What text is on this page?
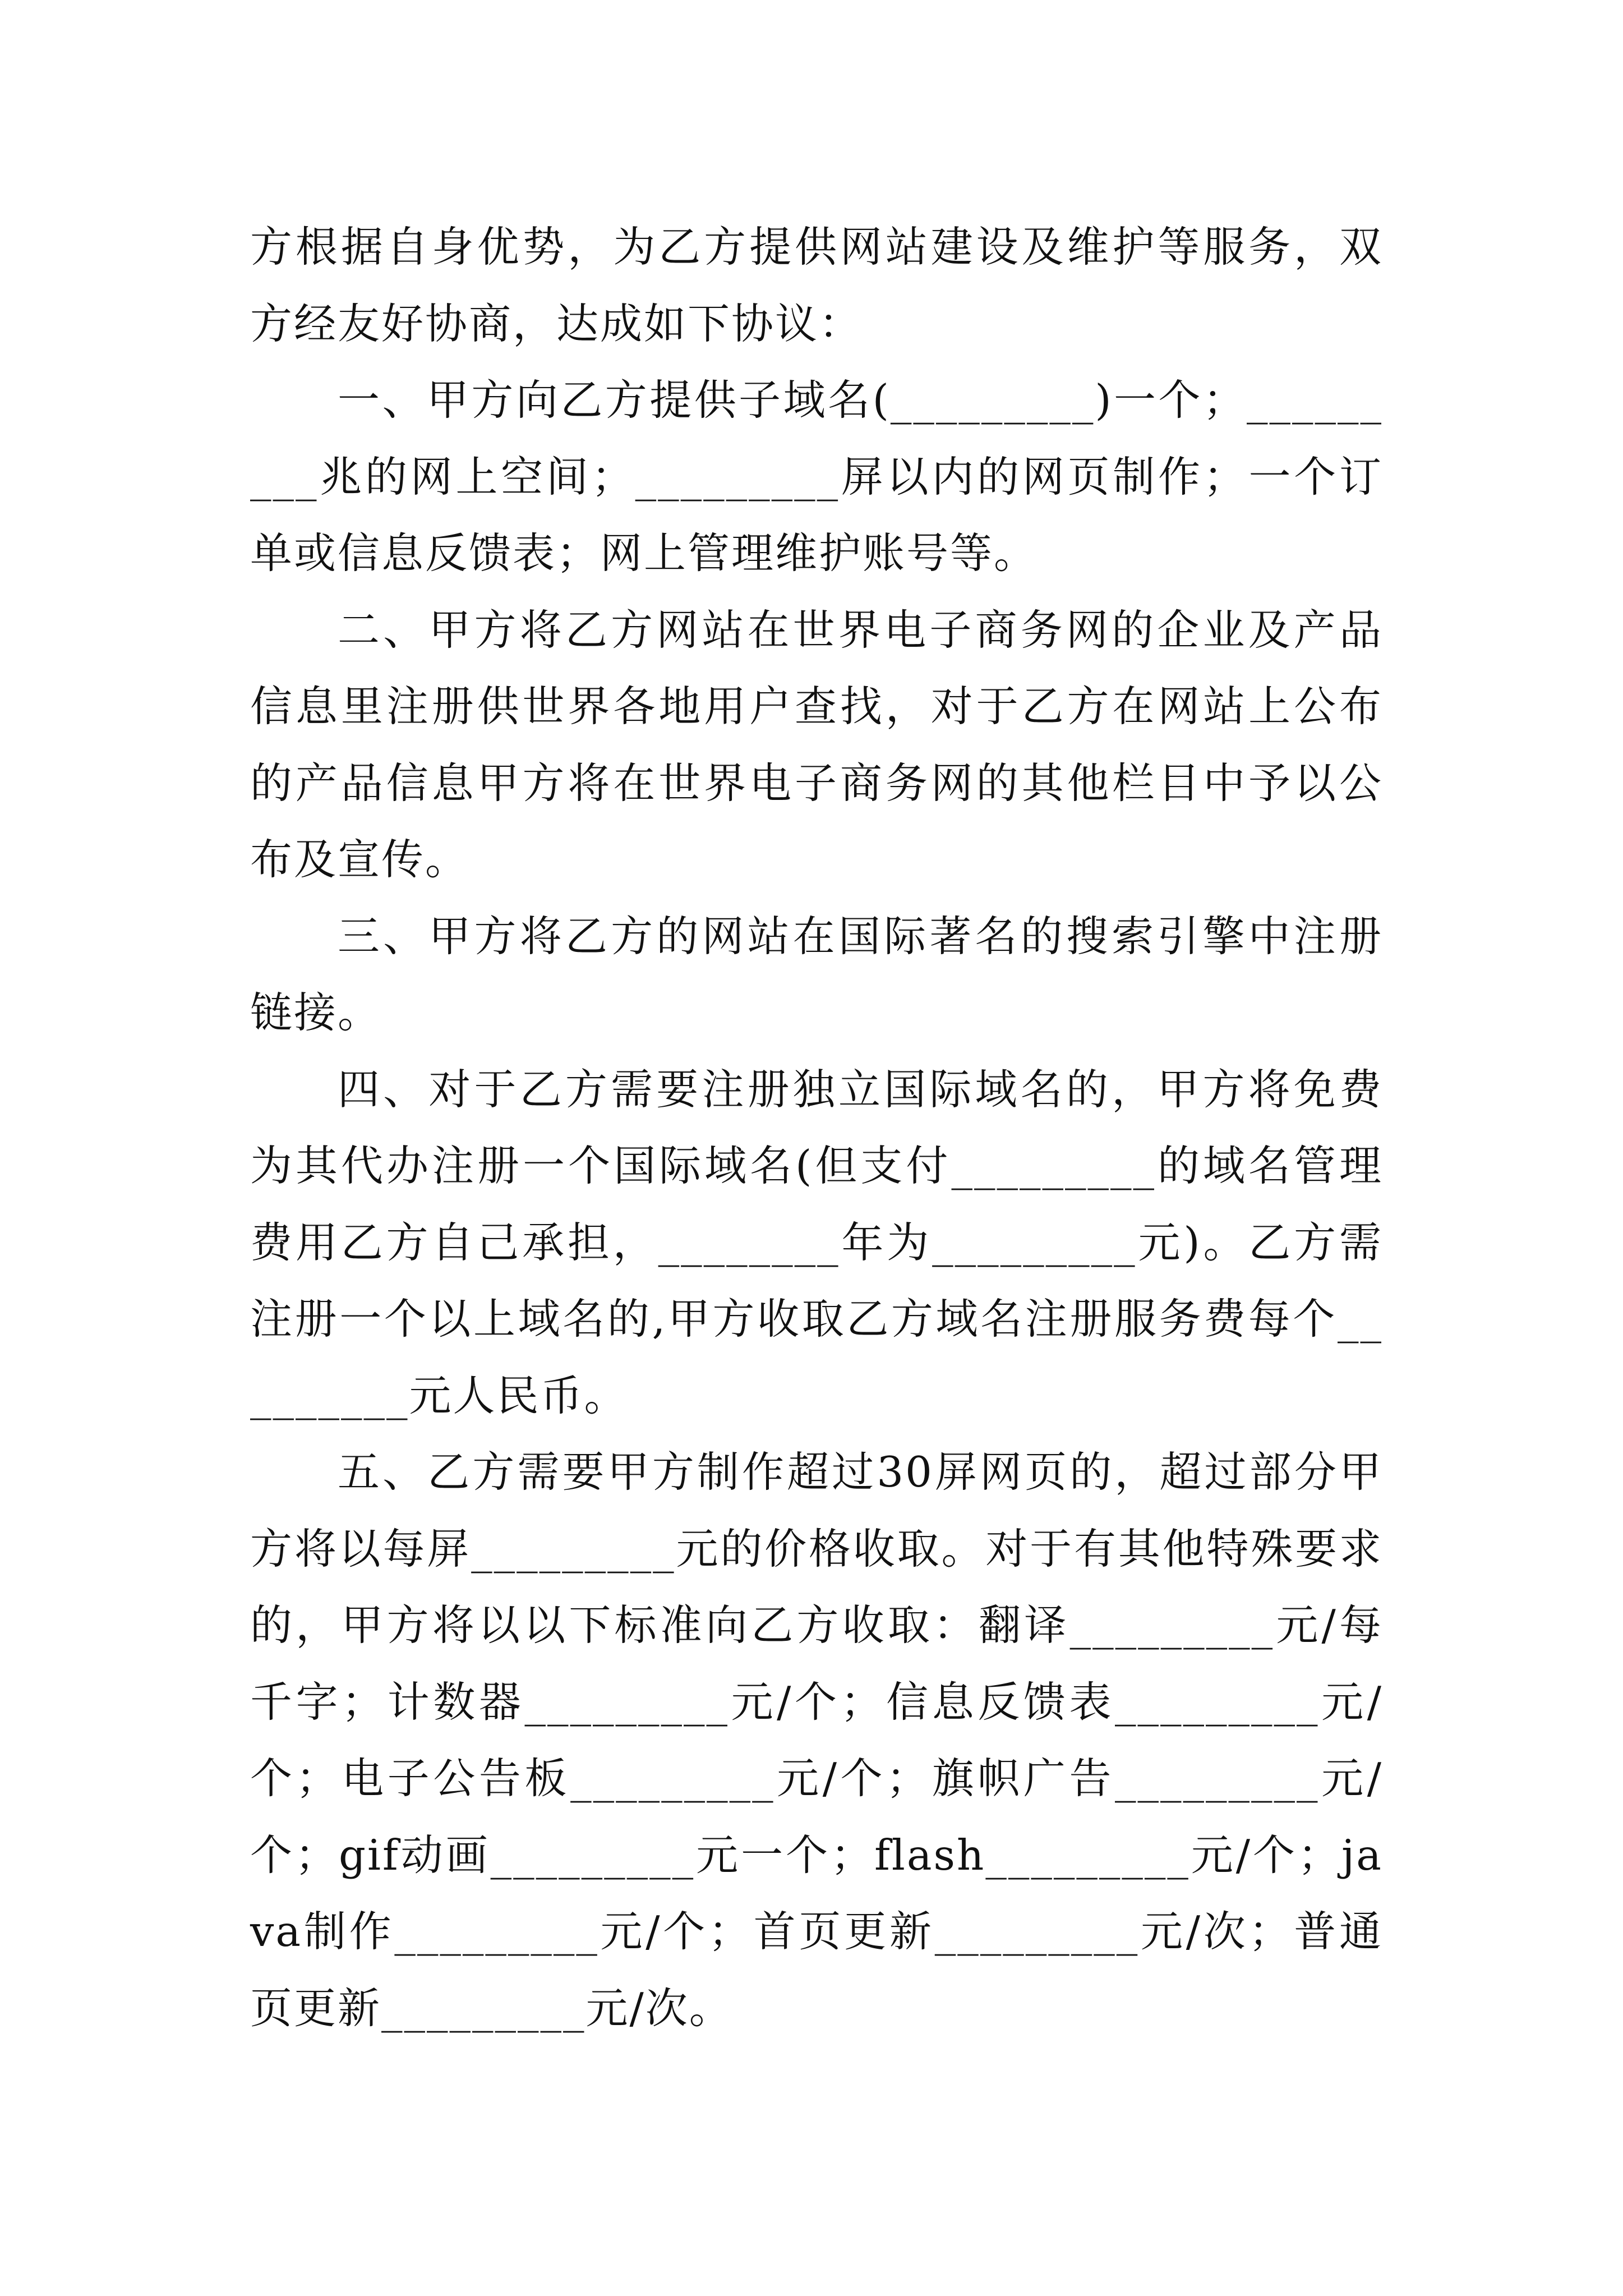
方根据自身优势，为乙方提供网站建设及维护等服务，双方经友好协商，达成如下协议：

一、甲方向乙方提供子域名(_________)一个；_________兆的网上空间；_________屏以内的网页制作；一个订单或信息反馈表；网上管理维护账号等。

二、甲方将乙方网站在世界电子商务网的企业及产品信息里注册供世界各地用户查找，对于乙方在网站上公布的产品信息甲方将在世界电子商务网的其他栏目中予以公布及宣传。

三、甲方将乙方的网站在国际著名的搜索引擎中注册链接。

四、对于乙方需要注册独立国际域名的，甲方将免费为其代办注册一个国际域名(但支付_________的域名管理费用乙方自己承担，________年为_________元)。乙方需注册一个以上域名的,甲方收取乙方域名注册服务费每个_________元人民币。

五、乙方需要甲方制作超过30屏网页的，超过部分甲方将以每屏_________元的价格收取。对于有其他特殊要求的，甲方将以以下标准向乙方收取：翻译_________元/每千字；计数器_________元/个；信息反馈表_________元/个；电子公告板_________元/个；旗帜广告_________元/个；gif动画_________元一个；flash_________元/个；java制作_________元/个；首页更新_________元/次；普通页更新_________元/次。
